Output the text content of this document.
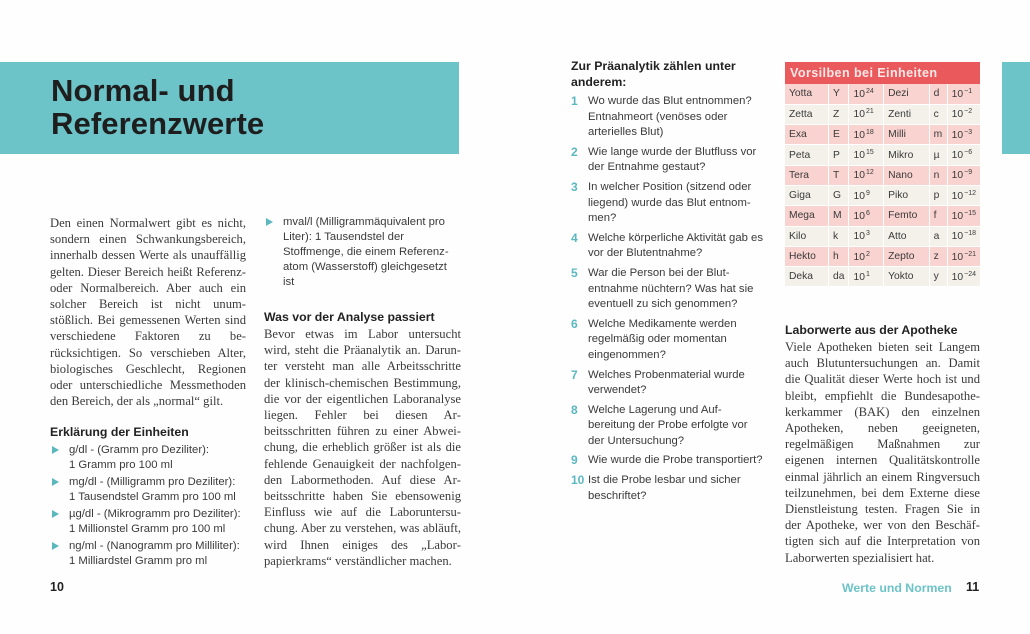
Normal- und
Referenzwerte

Den einen Normalwert gibt es nicht, sondern einen Schwankungsbereich, innerhalb dessen Werte als unauffällig gelten. Dieser Bereich heißt Referenz- oder Normalbereich. Aber auch ein solcher Bereich ist nicht unumstößlich. Bei gemessenen Werten sind verschiedene Faktoren zu berücksichtigen. So verschieben Alter, biologisches Geschlecht, Regionen oder unterschiedliche Messmethoden den Bereich, der als „normal“ gilt.

Erklärung der Einheiten
g/dl - (Gramm pro Deziliter):
1 Gramm pro 100 ml
mg/dl - (Milligramm pro Deziliter):
1 Tausendstel Gramm pro 100 ml
µg/dl - (Mikrogramm pro Deziliter):
1 Millionstel Gramm pro 100 ml
ng/ml - (Nanogramm pro Milliliter):
1 Milliardstel Gramm pro ml
mval/l (Milligrammäquivalent pro Liter): 1 Tausendstel der Stoffmenge, die einem Referenzatom (Wasserstoff) gleichgesetzt ist
Was vor der Analyse passiert

Bevor etwas im Labor untersucht wird, steht die Präanalytik an. Darunter versteht man alle Arbeitsschritte der klinisch-chemischen Bestimmung, die vor der eigentlichen Laboranalyse liegen. Fehler bei diesen Arbeitsschritten führen zu einer Abweichung, die erheblich größer ist als die fehlende Genauigkeit der nachfolgenden Labormethoden. Auf diese Arbeitsschritte haben Sie ebensowenig Einfluss wie auf die Laboruntersuchung. Aber zu verstehen, was abläuft, wird Ihnen einiges des „Laborpapierkrams“ verständlicher machen.

10
Zur Präanalytik zählen unter anderem:
1 Wo wurde das Blut entnommen? Entnahmeort (venöses oder arterielles Blut)
2 Wie lange wurde der Blutfluss vor der Entnahme gestaut?
3 In welcher Position (sitzend oder liegend) wurde das Blut entnommen?
4 Welche körperliche Aktivität gab es vor der Blutentnahme?
5 War die Person bei der Blutentnahme nüchtern? Was hat sie eventuell zu sich genommen?
6 Welche Medikamente werden regelmäßig oder momentan eingenommen?
7 Welches Probenmaterial wurde verwendet?
8 Welche Lagerung und Aufbereitung der Probe erfolgte vor der Untersuchung?
9 Wie wurde die Probe transportiert?
10 Ist die Probe lesbar und sicher beschriftet?
Vorsilben bei Einheiten
Yotta	Y	$10^{24}$	Dezi	d	$10^{-1}$
Zetta	Z	$10^{21}$	Zenti	c	$10^{-2}$
Exa	E	$10^{18}$	Milli	m	$10^{-3}$
Peta	P	$10^{15}$	Mikro	µ	$10^{-6}$
Tera	T	$10^{12}$	Nano	n	$10^{-9}$
Giga	G	$10^9$	Piko	p	$10^{-12}$
Mega	M	$10^6$	Femto	f	$10^{-15}$
Kilo	k	$10^3$	Atto	a	$10^{-18}$
Hekto	h	$10^2$	Zepto	z	$10^{-21}$
Deka	da	$10^1$	Yokto	y	$10^{-24}$
Laborwerte aus der Apotheke

Viele Apotheken bieten seit Langem auch Blutuntersuchungen an. Damit die Qualität dieser Werte hoch ist und bleibt, empfiehlt die Bundesapothekerkammer (BAK) den einzelnen Apotheken, neben geeigneten, regelmäßigen Maßnahmen zur eigenen internen Qualitätskontrolle einmal jährlich an einem Ringversuch teilzunehmen, bei dem Externe diese Dienstleistung testen. Fragen Sie in der Apotheke, wer von den Beschäftigten sich auf die Interpretation von Laborwerten spezialisiert hat.

Werte und Normen 11
